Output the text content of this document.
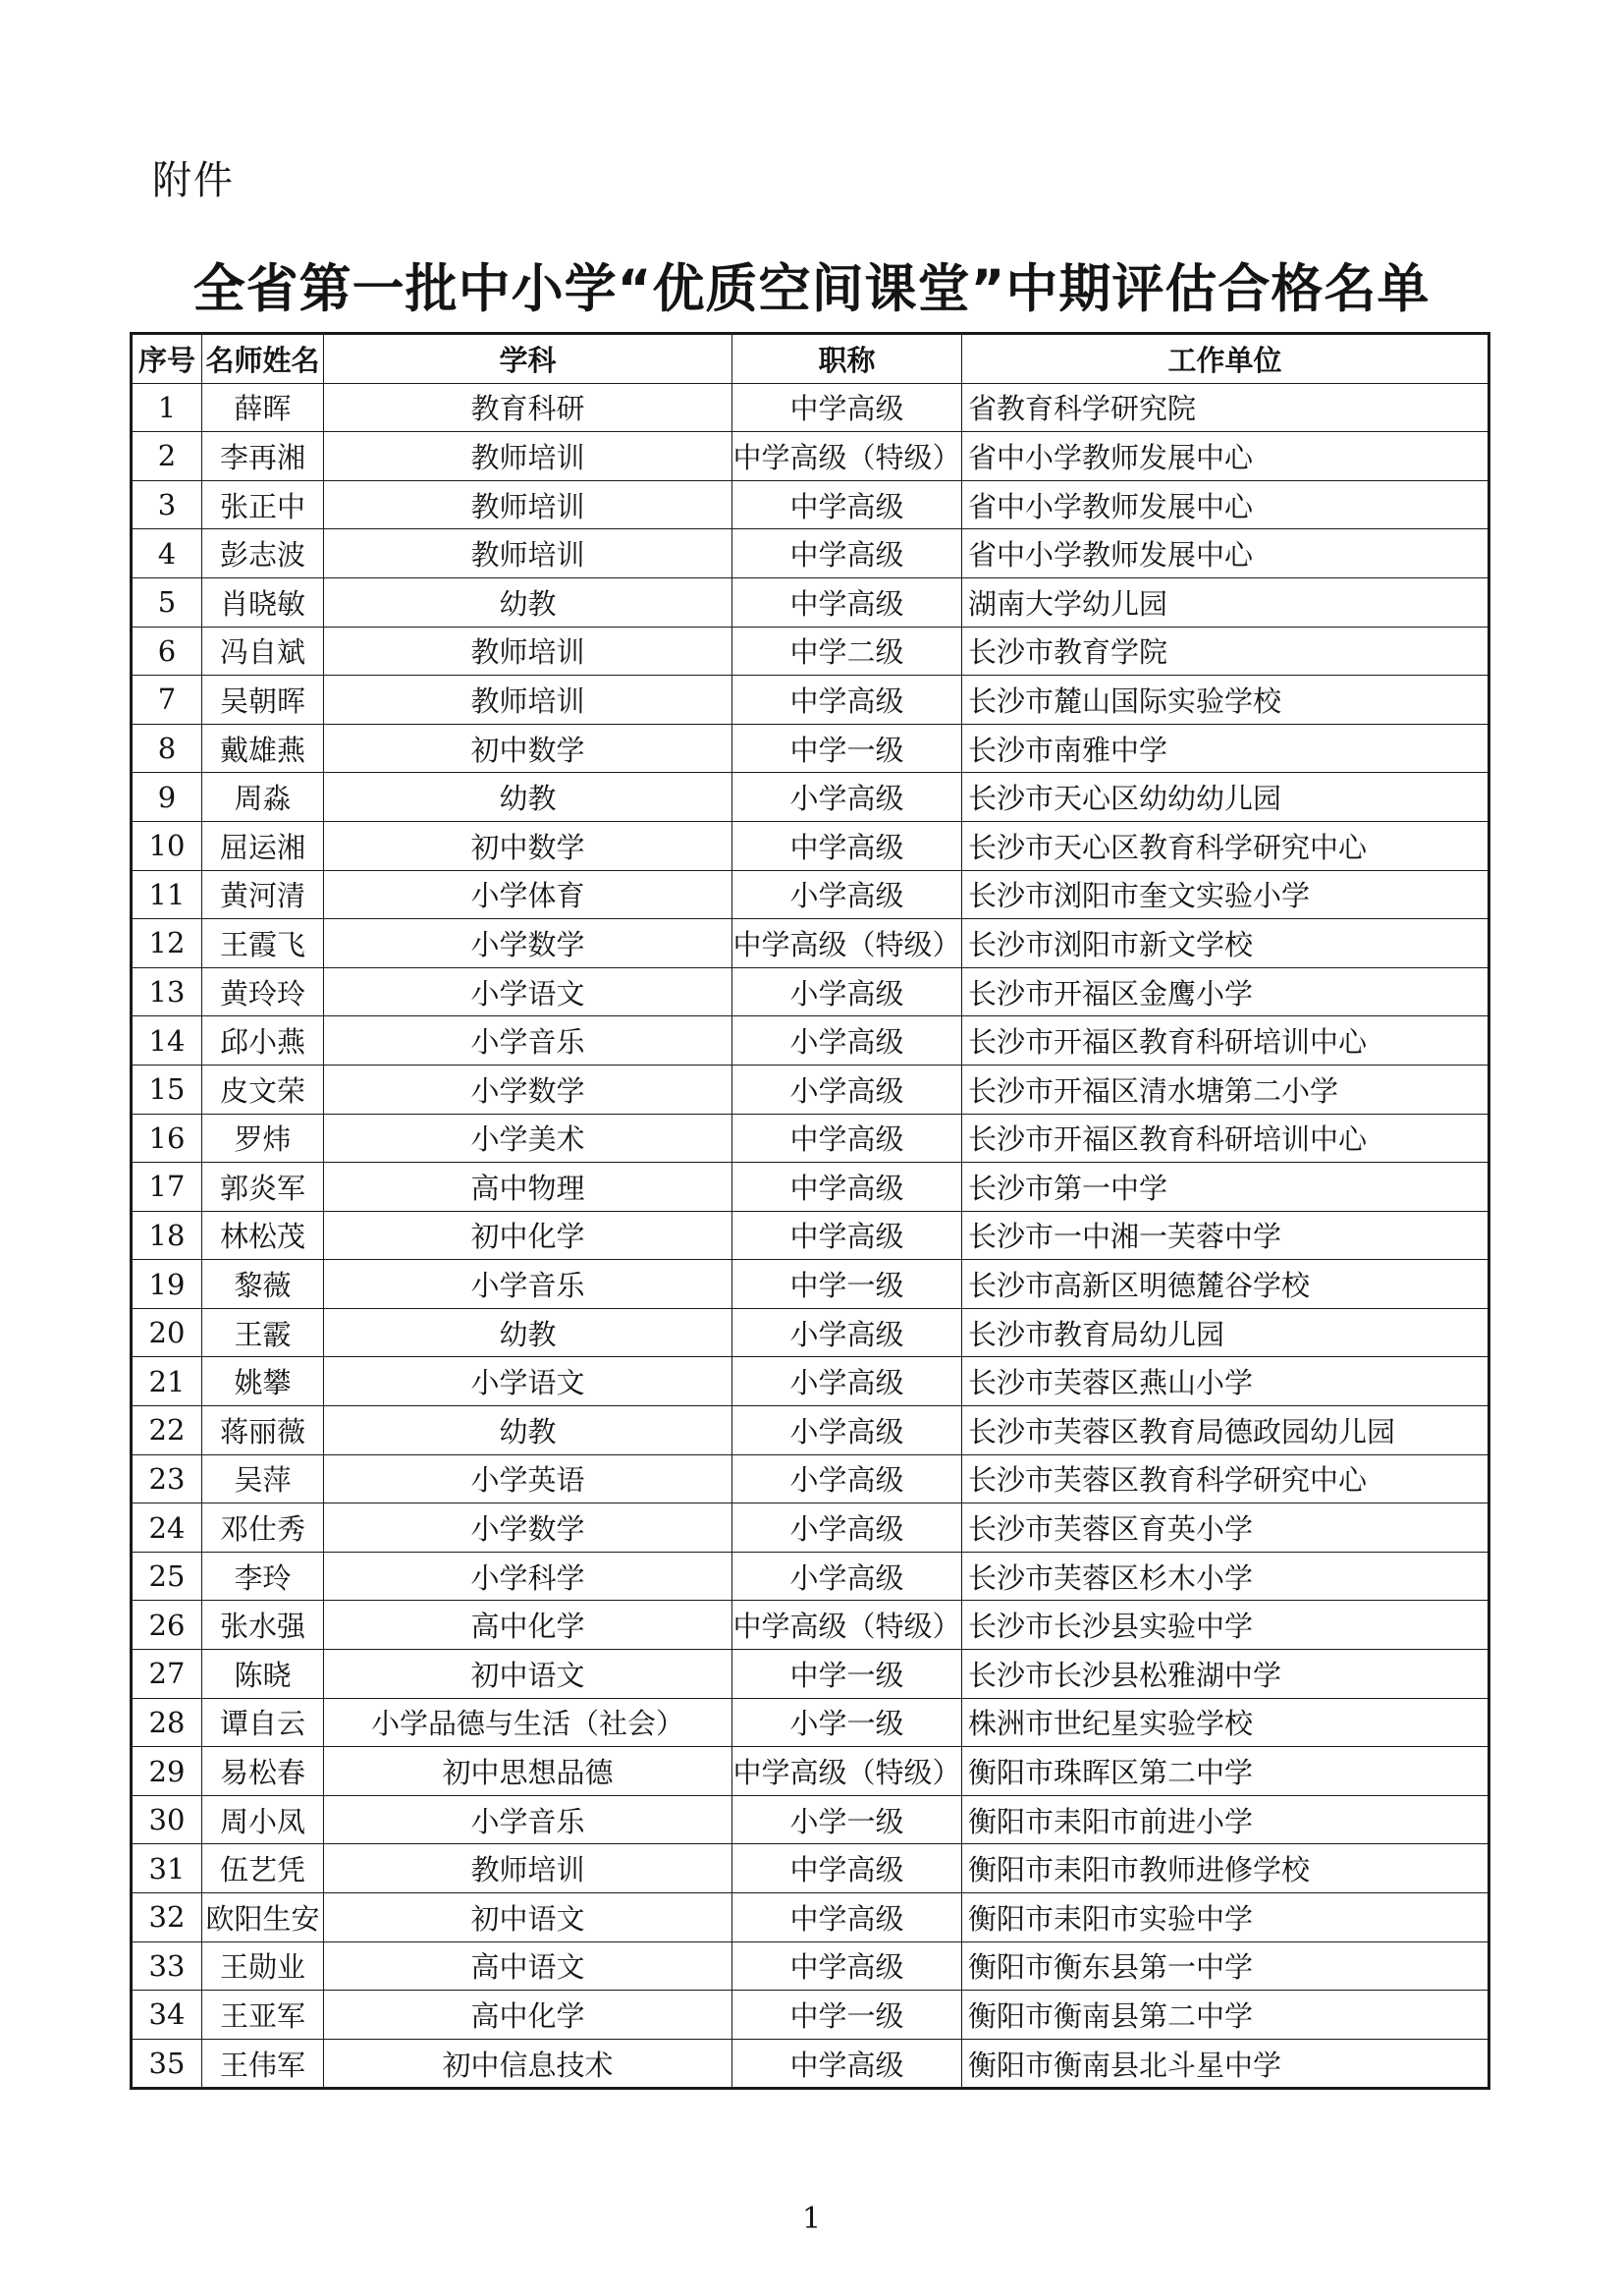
附件
全省第一批中小学“优质空间课堂”中期评估合格名单
序号	名师姓名	学科	职称	工作单位
1	薛晖	教育科研	中学高级	省教育科学研究院
2	李再湘	教师培训	中学高级（特级）	省中小学教师发展中心
3	张正中	教师培训	中学高级	省中小学教师发展中心
4	彭志波	教师培训	中学高级	省中小学教师发展中心
5	肖晓敏	幼教	中学高级	湖南大学幼儿园
6	冯自斌	教师培训	中学二级	长沙市教育学院
7	吴朝晖	教师培训	中学高级	长沙市麓山国际实验学校
8	戴雄燕	初中数学	中学一级	长沙市南雅中学
9	周淼	幼教	小学高级	长沙市天心区幼幼幼儿园
10	屈运湘	初中数学	中学高级	长沙市天心区教育科学研究中心
11	黄河清	小学体育	小学高级	长沙市浏阳市奎文实验小学
12	王霞飞	小学数学	中学高级（特级）	长沙市浏阳市新文学校
13	黄玲玲	小学语文	小学高级	长沙市开福区金鹰小学
14	邱小燕	小学音乐	小学高级	长沙市开福区教育科研培训中心
15	皮文荣	小学数学	小学高级	长沙市开福区清水塘第二小学
16	罗炜	小学美术	中学高级	长沙市开福区教育科研培训中心
17	郭炎军	高中物理	中学高级	长沙市第一中学
18	林松茂	初中化学	中学高级	长沙市一中湘一芙蓉中学
19	黎薇	小学音乐	中学一级	长沙市高新区明德麓谷学校
20	王霰	幼教	小学高级	长沙市教育局幼儿园
21	姚攀	小学语文	小学高级	长沙市芙蓉区燕山小学
22	蒋丽薇	幼教	小学高级	长沙市芙蓉区教育局德政园幼儿园
23	吴萍	小学英语	小学高级	长沙市芙蓉区教育科学研究中心
24	邓仕秀	小学数学	小学高级	长沙市芙蓉区育英小学
25	李玲	小学科学	小学高级	长沙市芙蓉区杉木小学
26	张水强	高中化学	中学高级（特级）	长沙市长沙县实验中学
27	陈晓	初中语文	中学一级	长沙市长沙县松雅湖中学
28	谭自云	小学品德与生活（社会）	小学一级	株洲市世纪星实验学校
29	易松春	初中思想品德	中学高级（特级）	衡阳市珠晖区第二中学
30	周小凤	小学音乐	小学一级	衡阳市耒阳市前进小学
31	伍艺凭	教师培训	中学高级	衡阳市耒阳市教师进修学校
32	欧阳生安	初中语文	中学高级	衡阳市耒阳市实验中学
33	王勋业	高中语文	中学高级	衡阳市衡东县第一中学
34	王亚军	高中化学	中学一级	衡阳市衡南县第二中学
35	王伟军	初中信息技术	中学高级	衡阳市衡南县北斗星中学
1
